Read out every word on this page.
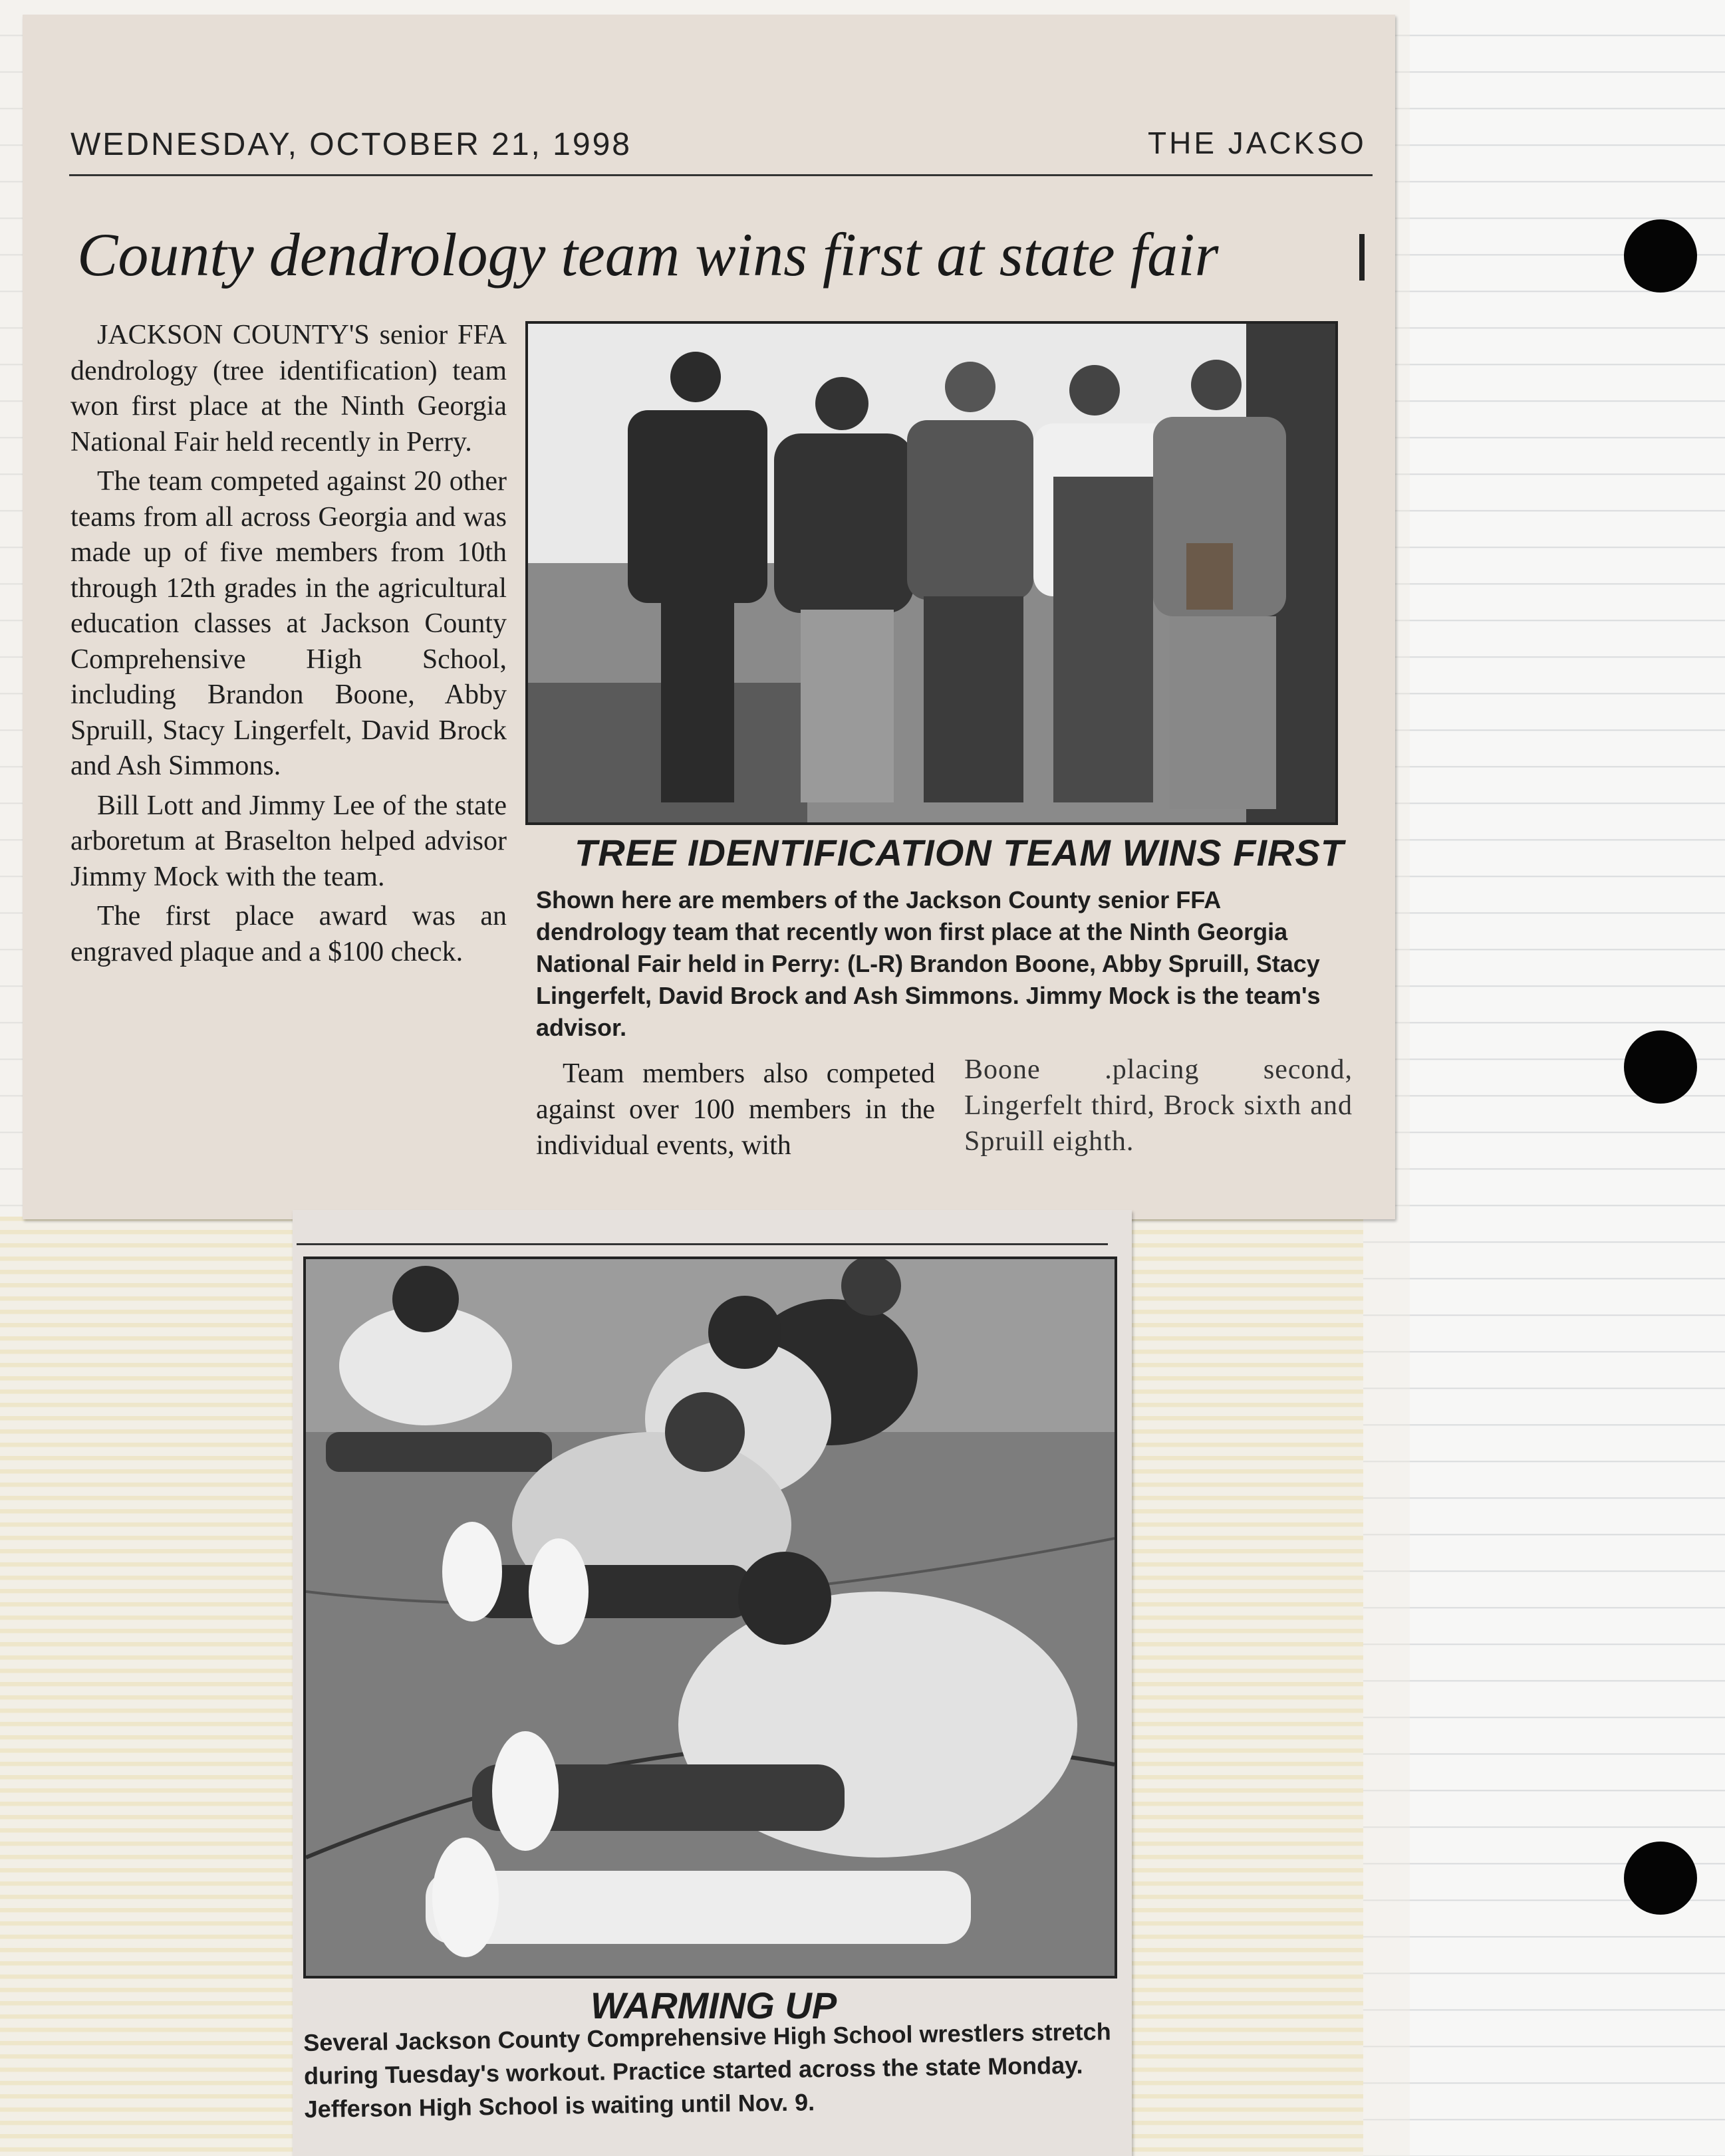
WEDNESDAY, OCTOBER 21, 1998	THE JACKSO
County dendrology team wins first at state fair

JACKSON COUNTY'S senior FFA dendrology (tree identification) team won first place at the Ninth Georgia National Fair held recently in Perry.

The team competed against 20 other teams from all across Georgia and was made up of five members from 10th through 12th grades in the agricultural education classes at Jackson County Comprehensive High School, including Brandon Boone, Abby Spruill, Stacy Lingerfelt, David Brock and Ash Simmons.

Bill Lott and Jimmy Lee of the state arboretum at Braselton helped advisor Jimmy Mock with the team.

The first place award was an engraved plaque and a $100 check.

TREE IDENTIFICATION TEAM WINS FIRST
Shown here are members of the Jackson County senior FFA dendrology team that recently won first place at the Ninth Georgia National Fair held in Perry: (L-R) Brandon Boone, Abby Spruill, Stacy Lingerfelt, David Brock and Ash Simmons. Jimmy Mock is the team's advisor.
Team members also competed against over 100 members in the individual events, with
Boone .placing second, Lingerfelt third, Brock sixth and Spruill eighth.
WARMING UP
Several Jackson County Comprehensive High School wrestlers stretch during Tuesday's workout. Practice started across the state Monday. Jefferson High School is waiting until Nov. 9.
